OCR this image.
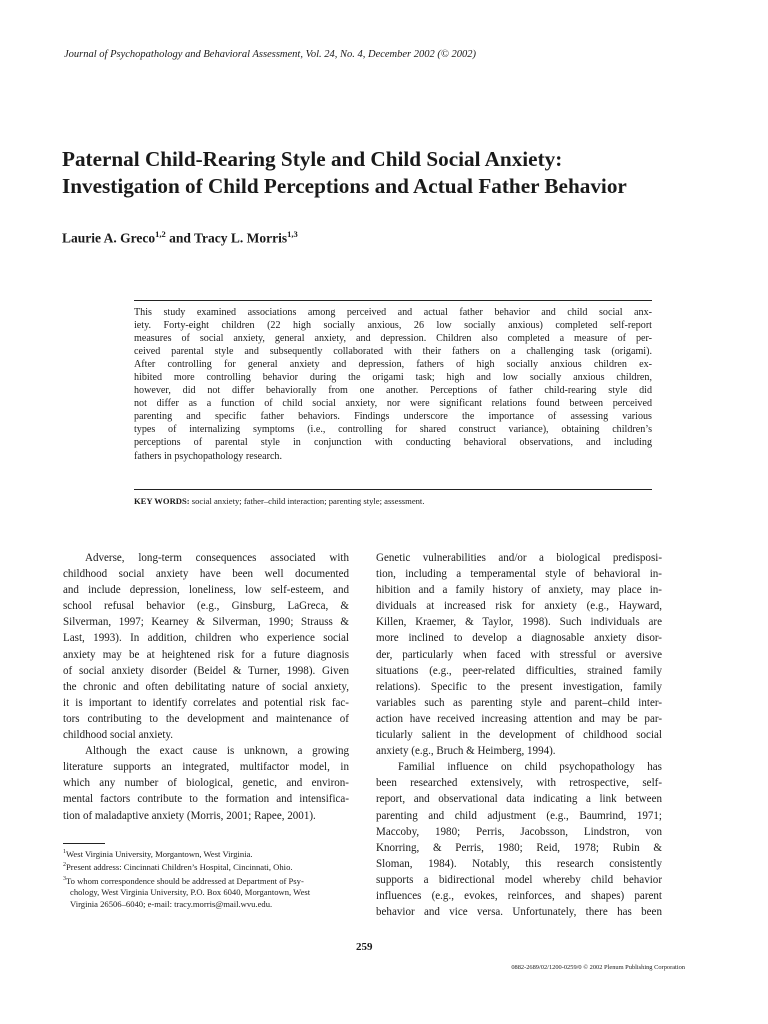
Journal of Psychopathology and Behavioral Assessment, Vol. 24, No. 4, December 2002 (© 2002)
Paternal Child-Rearing Style and Child Social Anxiety:
Investigation of Child Perceptions and Actual Father Behavior
Laurie A. Greco$^{1,2}$ and Tracy L. Morris$^{1,3}$
This study examined associations among perceived and actual father behavior and child social anx-
iety. Forty-eight children (22 high socially anxious, 26 low socially anxious) completed self-report
measures of social anxiety, general anxiety, and depression. Children also completed a measure of per-
ceived parental style and subsequently collaborated with their fathers on a challenging task (origami).
After controlling for general anxiety and depression, fathers of high socially anxious children ex-
hibited more controlling behavior during the origami task; high and low socially anxious children,
however, did not differ behaviorally from one another. Perceptions of father child-rearing style did
not differ as a function of child social anxiety, nor were significant relations found between perceived
parenting and specific father behaviors. Findings underscore the importance of assessing various
types of internalizing symptoms (i.e., controlling for shared construct variance), obtaining children’s
perceptions of parental style in conjunction with conducting behavioral observations, and including
fathers in psychopathology research.
KEY WORDS: social anxiety; father–child interaction; parenting style; assessment.
Adverse, long-term consequences associated with
childhood social anxiety have been well documented
and include depression, loneliness, low self-esteem, and
school refusal behavior (e.g., Ginsburg, LaGreca, &
Silverman, 1997; Kearney & Silverman, 1990; Strauss &
Last, 1993). In addition, children who experience social
anxiety may be at heightened risk for a future diagnosis
of social anxiety disorder (Beidel & Turner, 1998). Given
the chronic and often debilitating nature of social anxiety,
it is important to identify correlates and potential risk fac-
tors contributing to the development and maintenance of
childhood social anxiety.
Although the exact cause is unknown, a growing
literature supports an integrated, multifactor model, in
which any number of biological, genetic, and environ-
mental factors contribute to the formation and intensifica-
tion of maladaptive anxiety (Morris, 2001; Rapee, 2001).
Genetic vulnerabilities and/or a biological predisposi-
tion, including a temperamental style of behavioral in-
hibition and a family history of anxiety, may place in-
dividuals at increased risk for anxiety (e.g., Hayward,
Killen, Kraemer, & Taylor, 1998). Such individuals are
more inclined to develop a diagnosable anxiety disor-
der, particularly when faced with stressful or aversive
situations (e.g., peer-related difficulties, strained family
relations). Specific to the present investigation, family
variables such as parenting style and parent–child inter-
action have received increasing attention and may be par-
ticularly salient in the development of childhood social
anxiety (e.g., Bruch & Heimberg, 1994).
Familial influence on child psychopathology has
been researched extensively, with retrospective, self-
report, and observational data indicating a link between
parenting and child adjustment (e.g., Baumrind, 1971;
Maccoby, 1980; Perris, Jacobsson, Lindstron, von
Knorring, & Perris, 1980; Reid, 1978; Rubin &
Sloman, 1984). Notably, this research consistently
supports a bidirectional model whereby child behavior
influences (e.g., evokes, reinforces, and shapes) parent
behavior and vice versa. Unfortunately, there has been
$^1$West Virginia University, Morgantown, West Virginia.
$^2$Present address: Cincinnati Children’s Hospital, Cincinnati, Ohio.
$^3$To whom correspondence should be addressed at Department of Psy-
chology, West Virginia University, P.O. Box 6040, Morgantown, West
Virginia 26506–6040; e-mail: tracy.morris@mail.wvu.edu.
259
0882-2689/02/1200-0259/0 © 2002 Plenum Publishing Corporation
